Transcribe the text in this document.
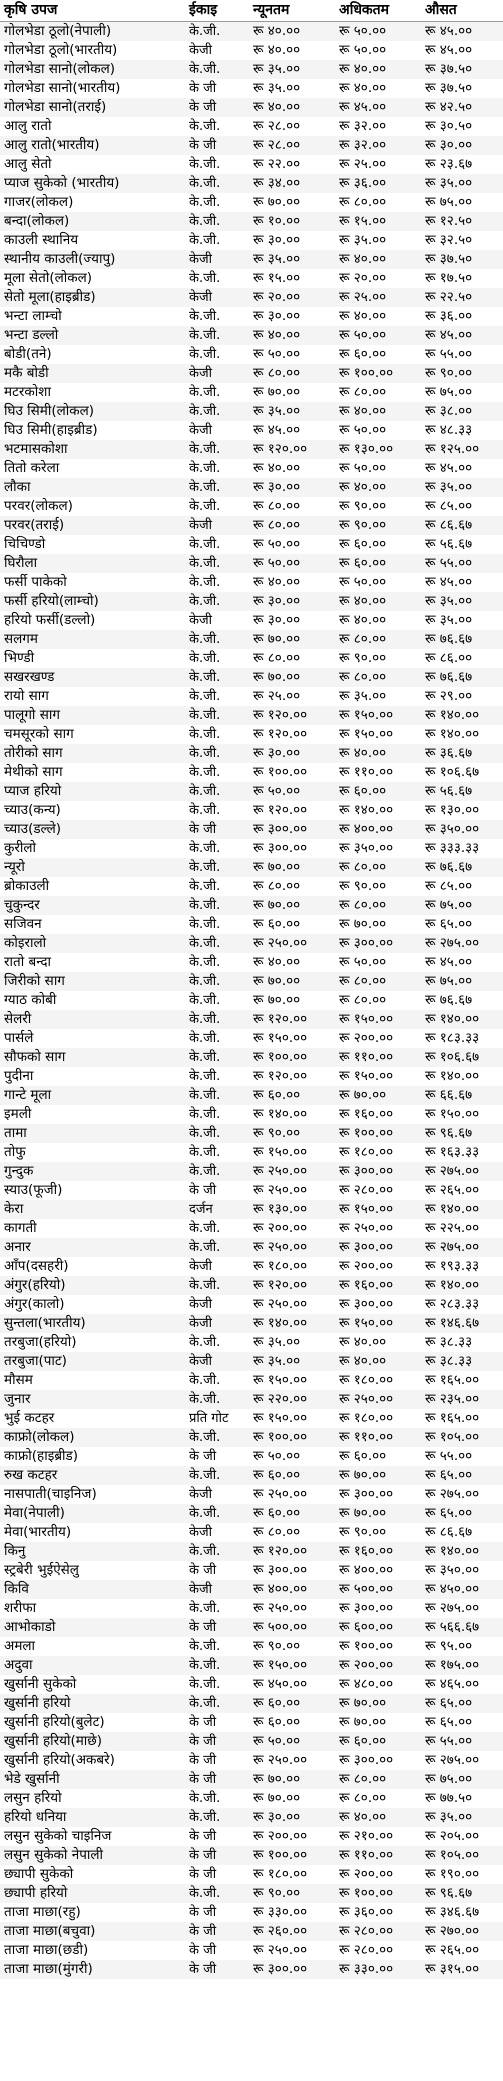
कृषि उपज	ईकाइ	न्यूनतम	अधिकतम	औसत
गोलभेडा ठूलो(नेपाली)	के.जी.	रू ४०.००	रू ५०.००	रू ४५.००
गोलभेडा ठूलो(भारतीय)	केजी	रू ४०.००	रू ५०.००	रू ४५.००
गोलभेडा सानो(लोकल)	के.जी.	रू ३५.००	रू ४०.००	रू ३७.५०
गोलभेडा सानो(भारतीय)	के जी	रू ३५.००	रू ४०.००	रू ३७.५०
गोलभेडा सानो(तराई)	के जी	रू ४०.००	रू ४५.००	रू ४२.५०
आलु रातो	के.जी.	रू २८.००	रू ३२.००	रू ३०.५०
आलु रातो(भारतीय)	के जी	रू २८.००	रू ३२.००	रू ३०.००
आलु सेतो	के.जी.	रू २२.००	रू २५.००	रू २३.६७
प्याज सुकेको (भारतीय)	के.जी.	रू ३४.००	रू ३६.००	रू ३५.००
गाजर(लोकल)	के.जी.	रू ७०.००	रू ८०.००	रू ७५.००
बन्दा(लोकल)	के.जी.	रू १०.००	रू १५.००	रू १२.५०
काउली स्थानिय	के.जी.	रू ३०.००	रू ३५.००	रू ३२.५०
स्थानीय काउली(ज्यापु)	केजी	रू ३५.००	रू ४०.००	रू ३७.५०
मूला सेतो(लोकल)	के.जी.	रू १५.००	रू २०.००	रू १७.५०
सेतो मूला(हाइब्रीड)	केजी	रू २०.००	रू २५.००	रू २२.५०
भन्टा लाम्चो	के.जी.	रू ३०.००	रू ४०.००	रू ३६.००
भन्टा डल्लो	के.जी.	रू ४०.००	रू ५०.००	रू ४५.००
बोडी(तने)	के.जी.	रू ५०.००	रू ६०.००	रू ५५.००
मकै बोडी	केजी	रू ८०.००	रू १००.००	रू ९०.००
मटरकोशा	के.जी.	रू ७०.००	रू ८०.००	रू ७५.००
घिउ सिमी(लोकल)	के.जी.	रू ३५.००	रू ४०.००	रू ३८.००
घिउ सिमी(हाइब्रीड)	केजी	रू ४५.००	रू ५०.००	रू ४८.३३
भटमासकोशा	के.जी.	रू १२०.००	रू १३०.००	रू १२५.००
तितो करेला	के.जी.	रू ४०.००	रू ५०.००	रू ४५.००
लौका	के.जी.	रू ३०.००	रू ४०.००	रू ३५.००
परवर(लोकल)	के.जी.	रू ८०.००	रू ९०.००	रू ८५.००
परवर(तराई)	केजी	रू ८०.००	रू ९०.००	रू ८६.६७
चिचिण्डो	के.जी.	रू ५०.००	रू ६०.००	रू ५६.६७
घिरौला	के.जी.	रू ५०.००	रू ६०.००	रू ५५.००
फर्सी पाकेको	के.जी.	रू ४०.००	रू ५०.००	रू ४५.००
फर्सी हरियो(लाम्चो)	के.जी.	रू ३०.००	रू ४०.००	रू ३५.००
हरियो फर्सी(डल्लो)	केजी	रू ३०.००	रू ४०.००	रू ३५.००
सलगम	के.जी.	रू ७०.००	रू ८०.००	रू ७६.६७
भिण्डी	के.जी.	रू ८०.००	रू ९०.००	रू ८६.००
सखरखण्ड	के.जी.	रू ७०.००	रू ८०.००	रू ७६.६७
रायो साग	के.जी.	रू २५.००	रू ३५.००	रू २९.००
पालूगो साग	के.जी.	रू १२०.००	रू १५०.००	रू १४०.००
चमसूरको साग	के.जी.	रू १२०.००	रू १५०.००	रू १४०.००
तोरीको साग	के.जी.	रू ३०.००	रू ४०.००	रू ३६.६७
मेथीको साग	के.जी.	रू १००.००	रू ११०.००	रू १०६.६७
प्याज हरियो	के.जी.	रू ५०.००	रू ६०.००	रू ५६.६७
च्याउ(कन्य)	के.जी.	रू १२०.००	रू १४०.००	रू १३०.००
च्याउ(डल्ले)	के जी	रू ३००.००	रू ४००.००	रू ३५०.००
कुरीलो	के.जी.	रू ३००.००	रू ३५०.००	रू ३३३.३३
न्यूरो	के.जी.	रू ७०.००	रू ८०.००	रू ७६.६७
ब्रोकाउली	के.जी.	रू ८०.००	रू ९०.००	रू ८५.००
चुकुन्दर	के.जी.	रू ७०.००	रू ८०.००	रू ७५.००
सजिवन	के.जी.	रू ६०.००	रू ७०.००	रू ६५.००
कोइरालो	के.जी.	रू २५०.००	रू ३००.००	रू २७५.००
रातो बन्दा	के.जी.	रू ४०.००	रू ५०.००	रू ४५.००
जिरीको साग	के.जी.	रू ७०.००	रू ८०.००	रू ७५.००
ग्याठ कोबी	के.जी.	रू ७०.००	रू ८०.००	रू ७६.६७
सेलरी	के.जी.	रू १२०.००	रू १५०.००	रू १४०.००
पार्सले	के.जी.	रू १५०.००	रू २००.००	रू १८३.३३
सौफको साग	के.जी.	रू १००.००	रू ११०.००	रू १०६.६७
पुदीना	के.जी.	रू १२०.००	रू १५०.००	रू १४०.००
गान्टे मूला	के.जी.	रू ६०.००	रू ७०.००	रू ६६.६७
इमली	के.जी.	रू १४०.००	रू १६०.००	रू १५०.००
तामा	के.जी.	रू ९०.००	रू १००.००	रू ९६.६७
तोफु	के.जी.	रू १५०.००	रू १८०.००	रू १६३.३३
गुन्दुक	के.जी.	रू २५०.००	रू ३००.००	रू २७५.००
स्याउ(फूजी)	के जी	रू २५०.००	रू २८०.००	रू २६५.००
केरा	दर्जन	रू १३०.००	रू १५०.००	रू १४०.००
कागती	के.जी.	रू २००.००	रू २५०.००	रू २२५.००
अनार	के.जी.	रू २५०.००	रू ३००.००	रू २७५.००
आँप(दसहरी)	केजी	रू १८०.००	रू २००.००	रू १९३.३३
अंगुर(हरियो)	के.जी.	रू १२०.००	रू १६०.००	रू १४०.००
अंगुर(कालो)	केजी	रू २५०.००	रू ३००.००	रू २८३.३३
सुन्तला(भारतीय)	केजी	रू १४०.००	रू १५०.००	रू १४६.६७
तरबुजा(हरियो)	के.जी.	रू ३५.००	रू ४०.००	रू ३८.३३
तरबुजा(पाट)	केजी	रू ३५.००	रू ४०.००	रू ३८.३३
मौसम	के.जी.	रू १५०.००	रू १८०.००	रू १६५.००
जुनार	के.जी.	रू २२०.००	रू २५०.००	रू २३५.००
भुई कटहर	प्रति गोट	रू १५०.००	रू १८०.००	रू १६५.००
काफ्रो(लोकल)	के.जी.	रू १००.००	रू ११०.००	रू १०५.००
काफ्रो(हाइब्रीड)	के जी	रू ५०.००	रू ६०.००	रू ५५.००
रुख कटहर	के.जी.	रू ६०.००	रू ७०.००	रू ६५.००
नासपाती(चाइनिज)	केजी	रू २५०.००	रू ३००.००	रू २७५.००
मेवा(नेपाली)	के.जी.	रू ६०.००	रू ७०.००	रू ६५.००
मेवा(भारतीय)	केजी	रू ८०.००	रू ९०.००	रू ८६.६७
किनु	के.जी.	रू १२०.००	रू १६०.००	रू १४०.००
स्ट्रबेरी भुईऐसेलु	के जी	रू ३००.००	रू ४००.००	रू ३५०.००
किवि	केजी	रू ४००.००	रू ५००.००	रू ४५०.००
शरीफा	के.जी.	रू २५०.००	रू ३००.००	रू २७५.००
आभोकाडो	के जी	रू ५००.००	रू ६००.००	रू ५६६.६७
अमला	के.जी.	रू ९०.००	रू १००.००	रू ९५.००
अदुवा	के.जी.	रू १५०.००	रू २००.००	रू १७५.००
खुर्सानी सुकेको	के.जी.	रू ४५०.००	रू ४८०.००	रू ४६५.००
खुर्सानी हरियो	के.जी.	रू ६०.००	रू ७०.००	रू ६५.००
खुर्सानी हरियो(बुलेट)	के जी	रू ६०.००	रू ७०.००	रू ६५.००
खुर्सानी हरियो(माछे)	के जी	रू ५०.००	रू ६०.००	रू ५५.००
खुर्सानी हरियो(अकबरे)	के जी	रू २५०.००	रू ३००.००	रू २७५.००
भेडे खुर्सानी	के जी	रू ७०.००	रू ८०.००	रू ७५.००
लसुन हरियो	के.जी.	रू ७०.००	रू ८०.००	रू ७७.५०
हरियो धनिया	के.जी.	रू ३०.००	रू ४०.००	रू ३५.००
लसुन सुकेको चाइनिज	के जी	रू २००.००	रू २१०.००	रू २०५.००
लसुन सुकेको नेपाली	के जी	रू १००.००	रू ११०.००	रू १०५.००
छ्यापी सुकेको	के जी	रू १८०.००	रू २००.००	रू १९०.००
छ्यापी हरियो	के.जी.	रू ९०.००	रू १००.००	रू ९६.६७
ताजा माछा(रहु)	के जी	रू ३३०.००	रू ३६०.००	रू ३४६.६७
ताजा माछा(बचुवा)	के जी	रू २६०.००	रू २८०.००	रू २७०.००
ताजा माछा(छडी)	के जी	रू २५०.००	रू २८०.००	रू २६५.००
ताजा माछा(मुंगरी)	के जी	रू ३००.००	रू ३३०.००	रू ३१५.००
